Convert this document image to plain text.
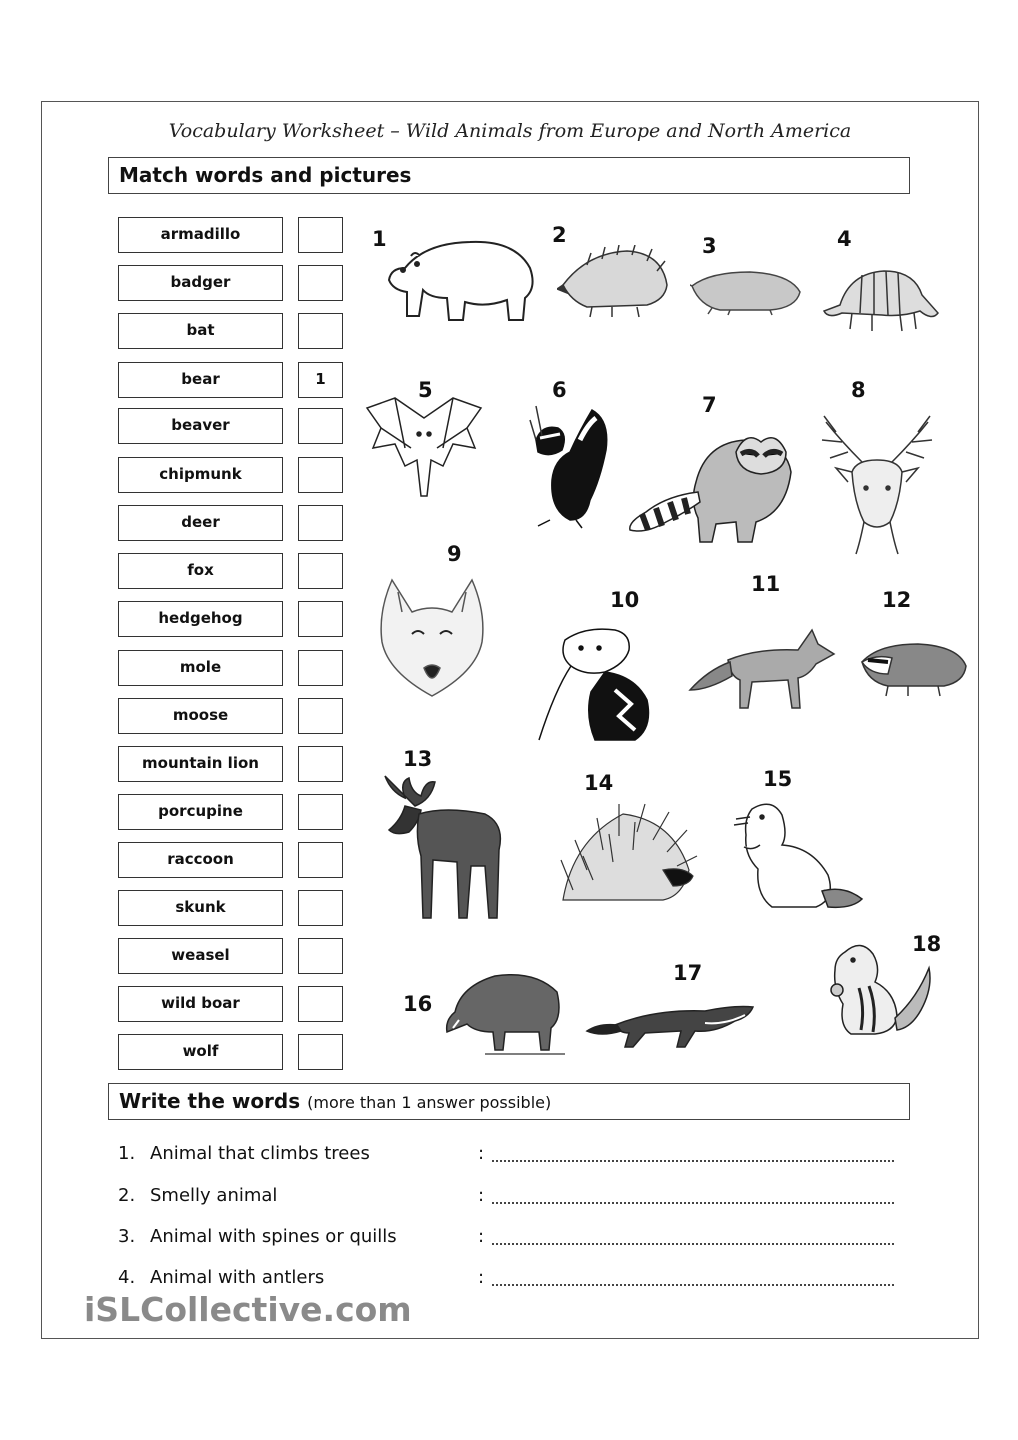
Vocabulary Worksheet – Wild Animals from Europe and North America
Match words and pictures
armadillo
badger
bat
bear	1
beaver
chipmunk
deer
fox
hedgehog
mole
moose
mountain lion
porcupine
raccoon
skunk
weasel
wild boar
wolf
1	2	3	4
5	6
7
8
9
10
11
12
13
14	15
16
17
18
Write the words (more than 1 answer possible)
1. Animal that climbs trees	:
2. Smelly animal	:
3. Animal with spines or quills	:
4. Animal with antlers	:
iSLCollective.com
